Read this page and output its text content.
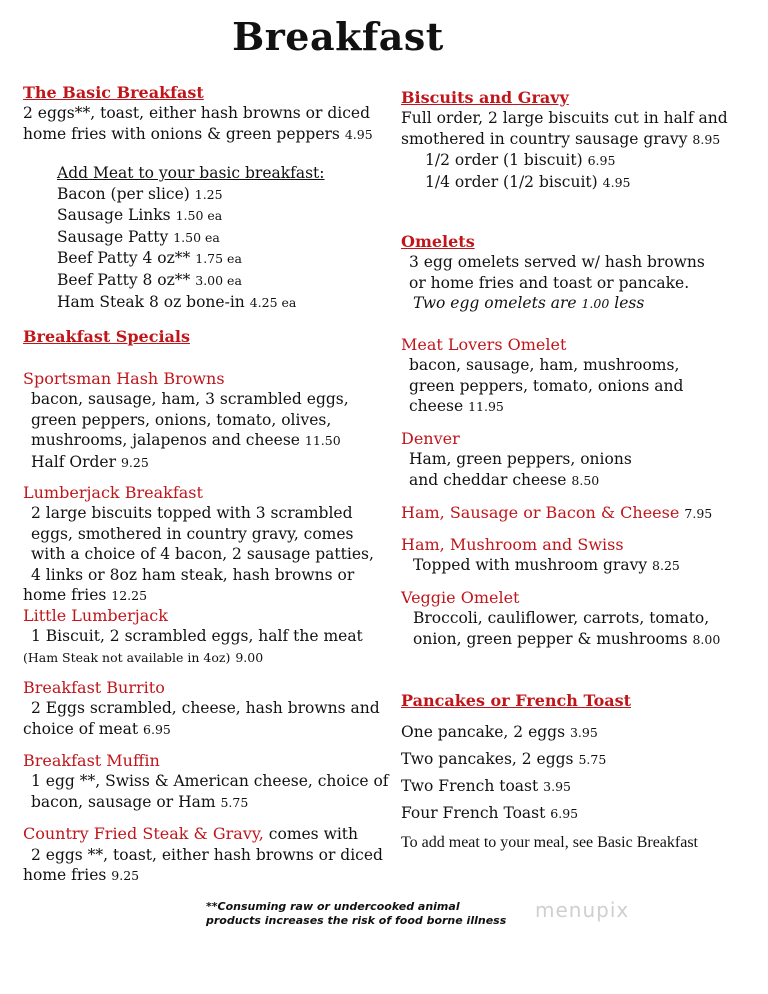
Breakfast
The Basic Breakfast
2 eggs**, toast, either hash browns or diced
home fries with onions & green peppers 4.95
Add Meat to your basic breakfast:
Bacon (per slice) 1.25
Sausage Links 1.50 ea
Sausage Patty 1.50 ea
Beef Patty 4 oz** 1.75 ea
Beef Patty 8 oz** 3.00 ea
Ham Steak 8 oz bone-in 4.25 ea
Breakfast Specials
Sportsman Hash Browns
bacon, sausage, ham, 3 scrambled eggs,
green peppers, onions, tomato, olives,
mushrooms, jalapenos and cheese 11.50
Half Order 9.25
Lumberjack Breakfast
2 large biscuits topped with 3 scrambled
eggs, smothered in country gravy, comes
with a choice of 4 bacon, 2 sausage patties,
4 links or 8oz ham steak, hash browns or
home fries 12.25
Little Lumberjack
1 Biscuit, 2 scrambled eggs, half the meat
(Ham Steak not available in 4oz) 9.00
Breakfast Burrito
2 Eggs scrambled, cheese, hash browns and
choice of meat 6.95
Breakfast Muffin
1 egg **, Swiss & American cheese, choice of
bacon, sausage or Ham 5.75
Country Fried Steak & Gravy, comes with
2 eggs **, toast, either hash browns or diced
home fries 9.25
Biscuits and Gravy
Full order, 2 large biscuits cut in half and
smothered in country sausage gravy 8.95
1/2 order (1 biscuit) 6.95
1/4 order (1/2 biscuit) 4.95
Omelets
3 egg omelets served w/ hash browns
or home fries and toast or pancake.
Two egg omelets are 1.00 less
Meat Lovers Omelet
bacon, sausage, ham, mushrooms,
green peppers, tomato, onions and
cheese 11.95
Denver
Ham, green peppers, onions
and cheddar cheese 8.50
Ham, Sausage or Bacon & Cheese 7.95
Ham, Mushroom and Swiss
Topped with mushroom gravy 8.25
Veggie Omelet
Broccoli, cauliflower, carrots, tomato,
onion, green pepper & mushrooms 8.00
Pancakes or French Toast
One pancake, 2 eggs 3.95
Two pancakes, 2 eggs 5.75
Two French toast 3.95
Four French Toast 6.95
To add meat to your meal, see Basic Breakfast
**Consuming raw or undercooked animal
products increases the risk of food borne illness menupix
